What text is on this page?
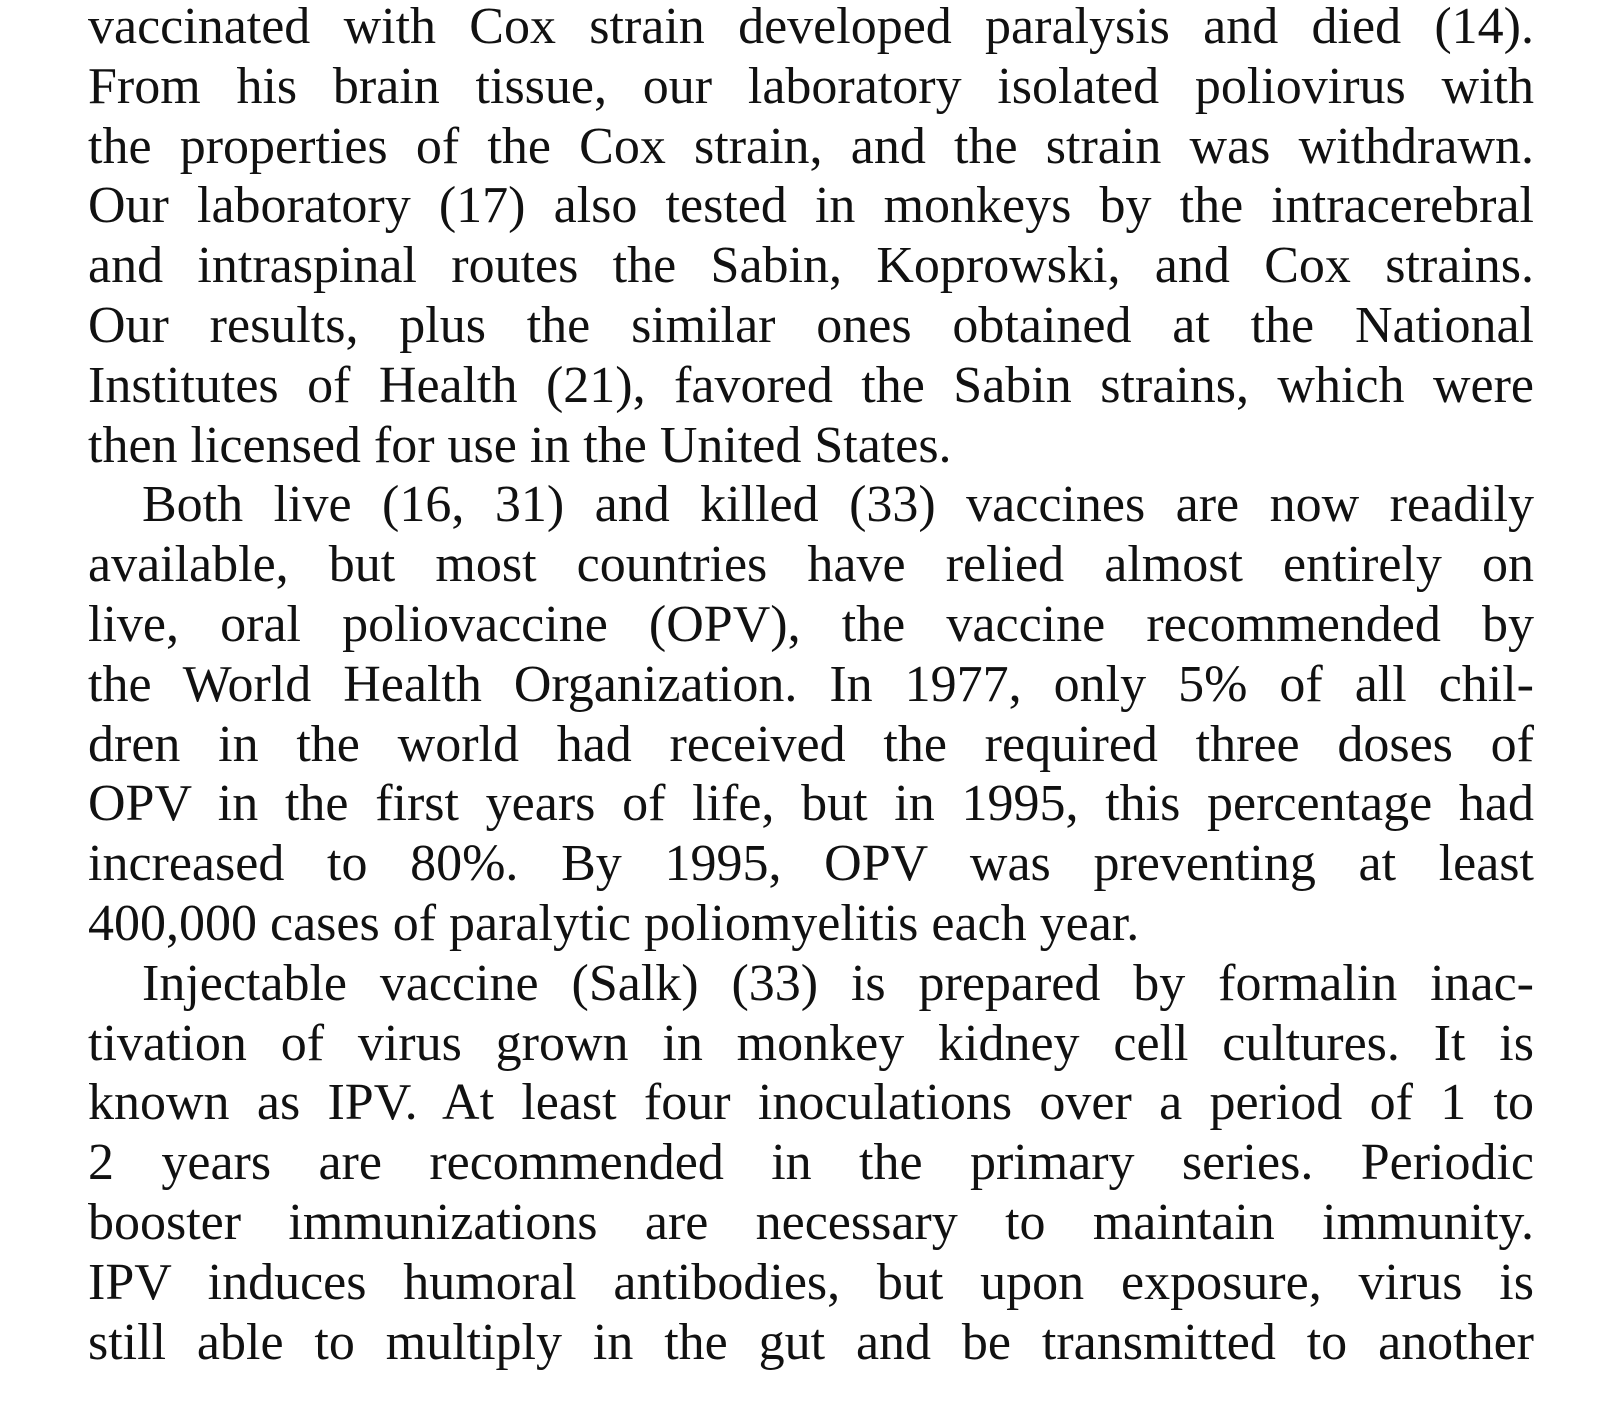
vaccinated with Cox strain developed paralysis and died (14).
From his brain tissue, our laboratory isolated poliovirus with
the properties of the Cox strain, and the strain was withdrawn.
Our laboratory (17) also tested in monkeys by the intracerebral
and intraspinal routes the Sabin, Koprowski, and Cox strains.
Our results, plus the similar ones obtained at the National
Institutes of Health (21), favored the Sabin strains, which were
then licensed for use in the United States.
Both live (16, 31) and killed (33) vaccines are now readily
available, but most countries have relied almost entirely on
live, oral poliovaccine (OPV), the vaccine recommended by
the World Health Organization. In 1977, only 5% of all chil-
dren in the world had received the required three doses of
OPV in the first years of life, but in 1995, this percentage had
increased to 80%. By 1995, OPV was preventing at least
400,000 cases of paralytic poliomyelitis each year.
Injectable vaccine (Salk) (33) is prepared by formalin inac-
tivation of virus grown in monkey kidney cell cultures. It is
known as IPV. At least four inoculations over a period of 1 to
2 years are recommended in the primary series. Periodic
booster immunizations are necessary to maintain immunity.
IPV induces humoral antibodies, but upon exposure, virus is
still able to multiply in the gut and be transmitted to another
